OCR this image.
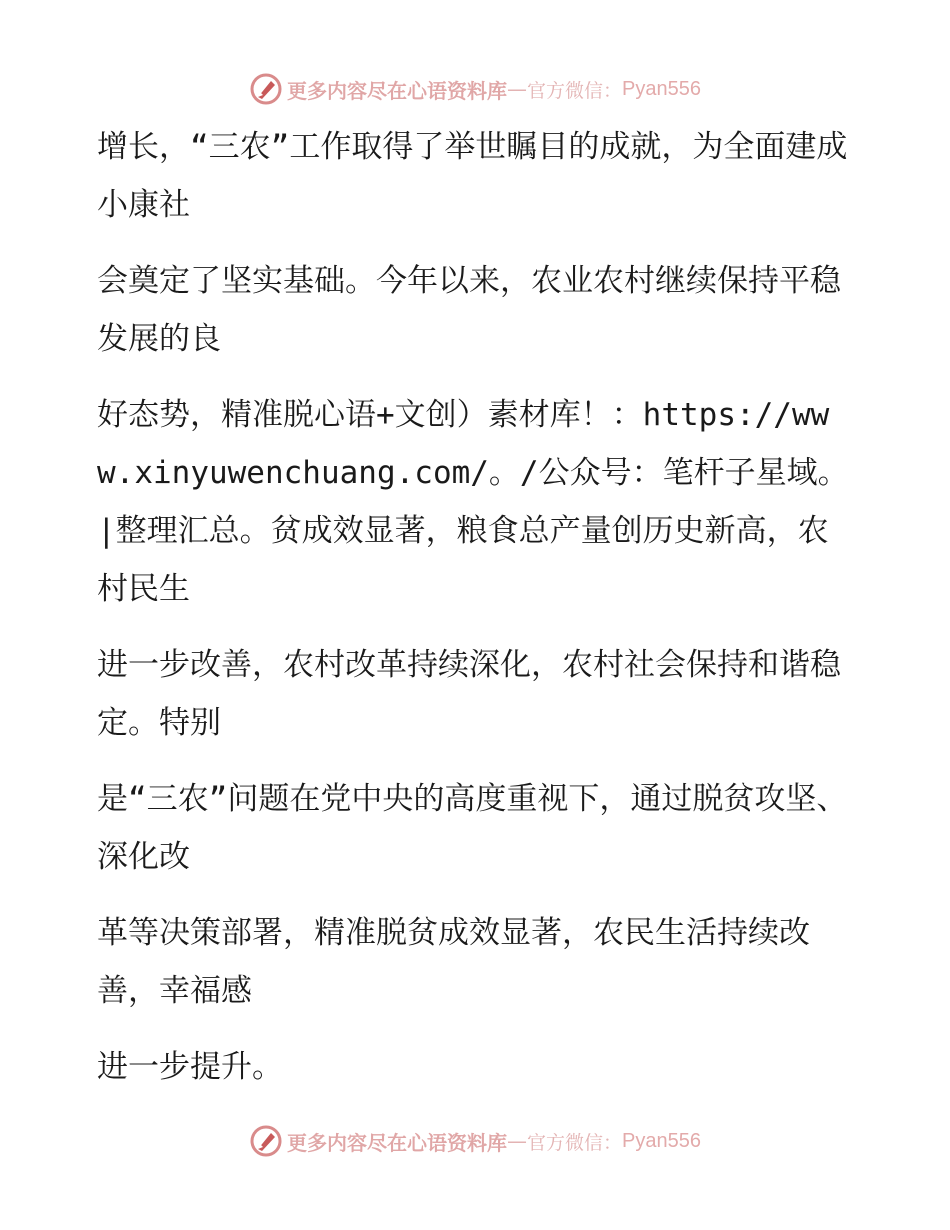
更多内容尽在心语资料库 — 官方微信： Pyan556

增长，“三农”工作取得了举世瞩目的成就，为全面建成小康社

会奠定了坚实基础。今年以来，农业农村继续保持平稳发展的良

好态势，精准脱心语+文创）素材库！：https://www.xinyuwenchuang.com/。/公众号：笔杆子星域。|整理汇总。贫成效显著，粮食总产量创历史新高，农村民生

进一步改善，农村改革持续深化，农村社会保持和谐稳定。特别

是“三农”问题在党中央的高度重视下，通过脱贫攻坚、深化改

革等决策部署，精准脱贫成效显著，农民生活持续改善，幸福感

进一步提升。

更多内容尽在心语资料库 — 官方微信： Pyan556
